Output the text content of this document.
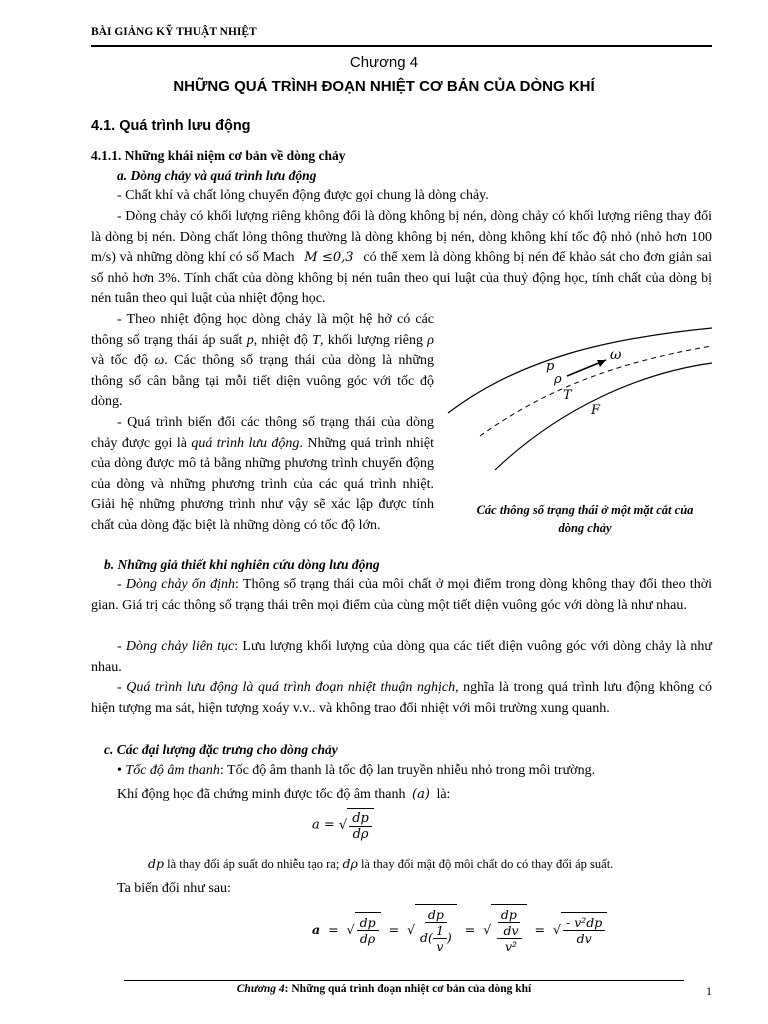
BÀI GIẢNG KỸ THUẬT NHIỆT
Chương 4
NHỮNG QUÁ TRÌNH ĐOẠN NHIỆT CƠ BẢN CỦA DÒNG KHÍ
4.1. Quá trình lưu động
4.1.1. Những khái niệm cơ bản về dòng chảy
a. Dòng chảy và quá trình lưu động
- Chất khí và chất lỏng chuyển động được gọi chung là dòng chảy.
- Dòng chảy có khối lượng riêng không đổi là dòng không bị nén, dòng chảy có khối lượng riêng thay đổi là dòng bị nén. Dòng chất lỏng thông thường là dòng không bị nén, dòng không khí tốc độ nhỏ (nhỏ hơn 100 m/s) và những dòng khí có số Mach M ≤0,3 có thể xem là dòng không bị nén để khảo sát cho đơn giản sai số nhỏ hơn 3%. Tính chất của dòng không bị nén tuân theo qui luật của thuỷ động học, tính chất của dòng bị nén tuân theo qui luật của nhiệt động học.
- Theo nhiệt động học dòng chảy là một hệ hở có các thông số trạng thái áp suất p, nhiệt độ T, khối lượng riêng ρ và tốc độ ω. Các thông số trạng thái của dòng là những thông số cân bằng tại mỗi tiết diện vuông góc với tốc độ dòng.
- Quá trình biến đổi các thông số trạng thái của dòng chảy được gọi là quá trình lưu động. Những quá trình nhiệt của dòng được mô tả bằng những phương trình chuyển động của dòng và những phương trình của các quá trình nhiệt. Giải hệ những phương trình như vậy sẽ xác lập được tính chất của dòng đặc biệt là những dòng có tốc độ lớn.
p
ρ
T
F
ω
Các thông số trạng thái ở một mặt cắt của dòng chảy
b. Những giả thiết khi nghiên cứu dòng lưu động
- Dòng chảy ổn định: Thông số trạng thái của môi chất ở mọi điểm trong dòng không thay đổi theo thời gian. Giá trị các thông số trạng thái trên mọi điểm của cùng một tiết diện vuông góc với dòng là như nhau.
- Dòng chảy liên tục: Lưu lượng khối lượng của dòng qua các tiết diện vuông góc với dòng chảy là như nhau.
- Quá trình lưu động là quá trình đoạn nhiệt thuận nghịch, nghĩa là trong quá trình lưu động không có hiện tượng ma sát, hiện tượng xoáy v.v.. và không trao đổi nhiệt với môi trường xung quanh.
c. Các đại lượng đặc trưng cho dòng chảy
• Tốc độ âm thanh: Tốc độ âm thanh là tốc độ lan truyền nhiễu nhỏ trong môi trường.
Khí động học đã chứng minh được tốc độ âm thanh (a) là:
a = √ $\frac{dp}{d\rho}$
dp là thay đổi áp suất do nhiễu tạo ra; dρ là thay đổi mật độ môi chất do có thay đổi áp suất.
Ta biến đổi như sau:
a = √ $\frac{dp}{d\rho}$ = √ $\frac{dp}{d( \frac{1}{v} )}$ = √ $\frac{dp}{- \frac{dv}{\text{v²}}}$ = √ $\frac{\text{- v²dp}}{dv}$
Chương 4: Những quá trình đoạn nhiệt cơ bản của dòng khí	1
